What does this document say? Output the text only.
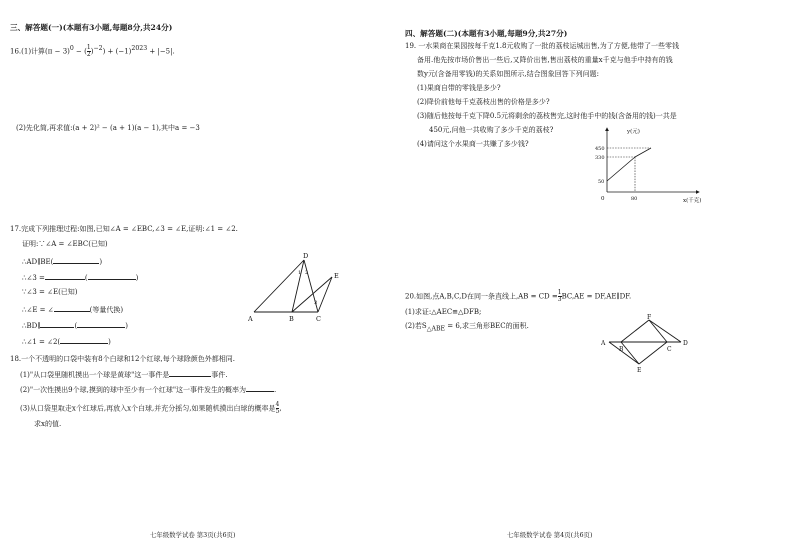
三、解答题(一)(本题有3小题,每题8分,共24分)
16.(1)计算$(\pi - 3)^0$ − ( $\frac{1}{2} )^{-2}) + (-1)^{2023} + |-5|$.
(2)先化简,再求值:(a + 2)² − (a + 1)(a − 1),其中a = −3
17.完成下列推理过程:如图,已知∠A = ∠EBC,∠3 = ∠E,证明:∠1 = ∠2.
证明:∵∠A = ∠EBC(已知)
∴AD∥BE(	)
∴∠3 =	(	)
∵∠3 = ∠E(已知)
∴∠E = ∠	(等量代换)
∴BD∥	(	)
∴∠1 = ∠2(	)
A	B	C
D
E
1 2
3
18.一个不透明的口袋中装有8个白球和12个红球,每个球除颜色外都相同.
(1)"从口袋里随机摸出一个球是黄球"这一事件是	事件.
(2)"一次性摸出9个球,摸到的球中至少有一个红球"这一事件发生的概率为	.
(3)从口袋里取走x个红球后,再放入x个白球,并充分摇匀,如果随机摸出白球的概率是 $\frac{4}{5}$ ,
求x的值.
七年级数学试卷 第3页(共6页)
四、解答题(二)(本题有3小题,每题9分,共27分)
19. 一水果商在果园按每千克1.8元收购了一批的荔枝运城出售,为了方便,他带了一些零钱
备用.他先按市场价售出一些后,又降价出售,售出荔枝的重量x千克与他手中持有的钱
数y元(含备用零钱)的关系如图所示,结合图象回答下列问题:
(1)果商自带的零钱是多少?
(2)降价前他每千克荔枝出售的价格是多少?
(3)随后他按每千克下降0.5元将剩余的荔枝售完,这时他手中的钱(含备用的钱)一共是
450元,问他一共收购了多少千克的荔枝?
(4)请问这个水果商一共赚了多少钱?
y(元)
x(千克)
0
450
330
50
80
20.如图,点A,B,C,D在同一条直线上,AB = CD = $\frac{1}{3} BC,AE$ = DF,AE∥DF.
(1)求证:△AEC≌△DFB;
(2)若$S_{\triangle ABE} = 6$,求三角形BEC的面积.
A
B	C
D
E
F
七年级数学试卷 第4页(共6页)
